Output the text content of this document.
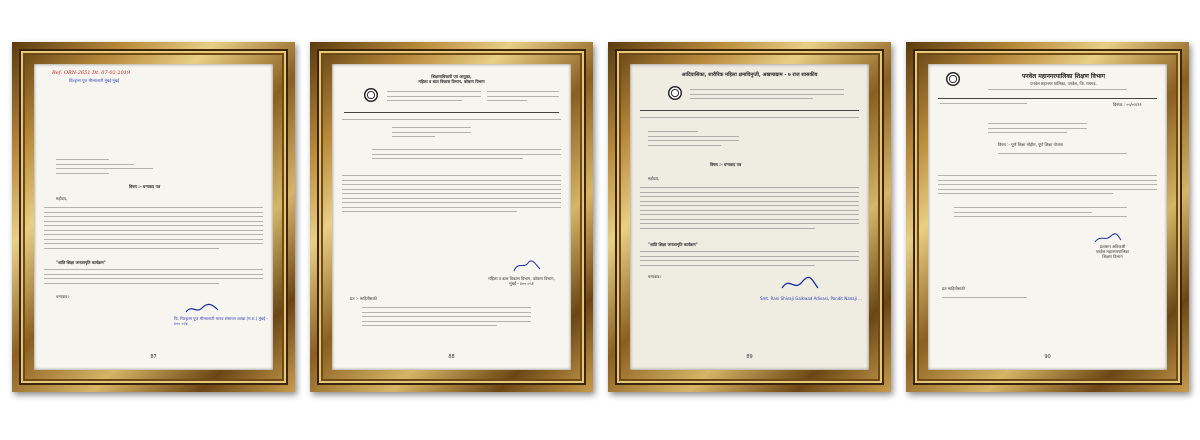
Ref: ORN-2651 Dt. 07-02-2019
चिल्ड्रन्स पूज मौन्सानाटी मुंबई मुंबई
विषय :- धन्यवाद पत्र
महोदय,
"शांति शिक्षा जनजागृति कार्यक्रम"
धन्यवाद।
चि. चिल्ड्रन्स पूज मौन्सानाटी मानव संसाधन शाखा (म.रा.) मुंबई - ४०० ०२४
87
शिक्षणाधिकारी एवं आयुक्त,
महिला व बाल विकास विभाग, कोकण विभाग
महिला व बाल विकास विभाग, कोकण विभाग,
मुंबई - ४०० ०५१
प्रत :- माहितीसाठी
88
आदिवासिका, शारीरिक महिला क्षमाविनुप्ती, अखण्डग्राम - ७ राज शासकीय
विषय :- धन्यवाद पत्र
महोदय,
"शांति शिक्षा जनजागृति कार्यक्रम"
धन्यवाद।
Smt. Rani Shivaji Gaikwad Adivasi, Pandit Nanaji ...
89
पनवेल महानगरपालिका शिक्षण विभाग
पनवेल महानगर पालिका, पनवेल, जि. रायगड.
दिनांक : ०५/०२/१९
विषय :- पूर्ण शिक्षा मोहीम, पूर्ण शिक्षा योजना
प्रशासन अधिकारी
पनवेल महानगरपालिका
शिक्षण विभाग
प्रत माहितीसाठी
90
